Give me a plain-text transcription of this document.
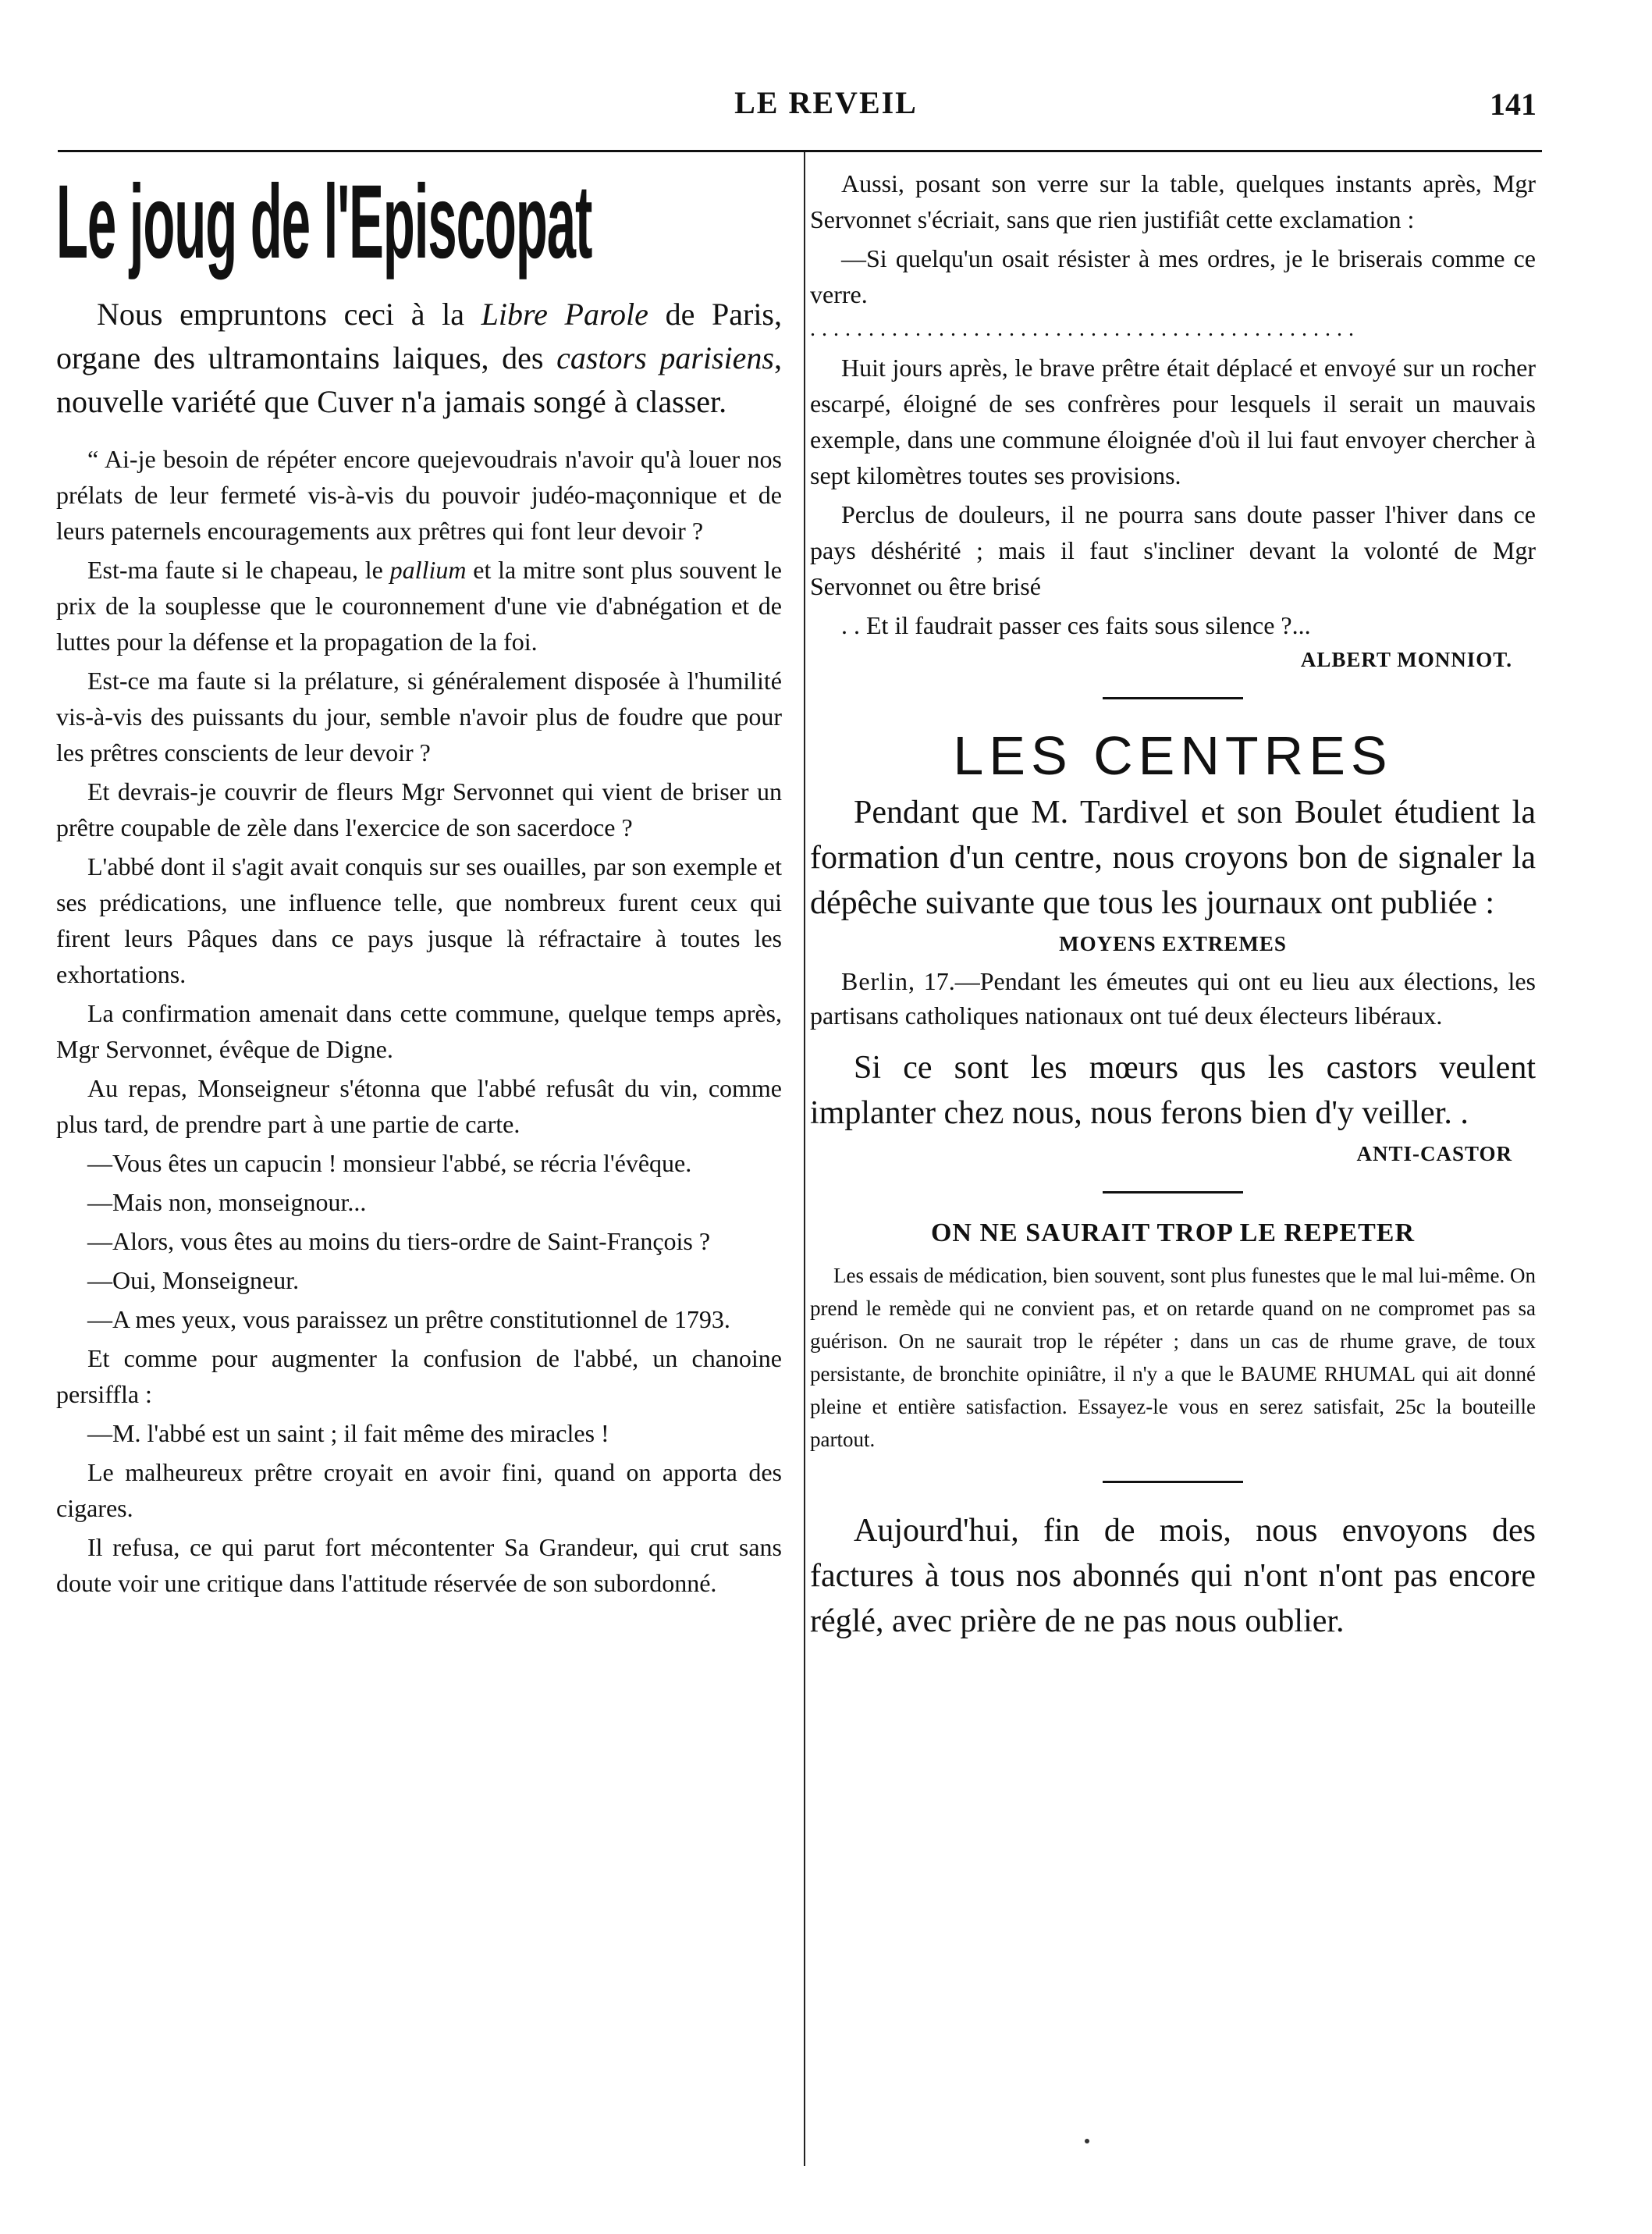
LE REVEIL	141
Le joug de l'Episcopat

Nous empruntons ceci à la Libre Parole de Paris, organe des ultramontains laiques, des castors parisiens, nouvelle variété que Cuver n'a jamais songé à classer.

“ Ai-je besoin de répéter encore quejevoudrais n'avoir qu'à louer nos prélats de leur fermeté vis-à-vis du pouvoir judéo-maçonnique et de leurs paternels encouragements aux prêtres qui font leur devoir ?

Est-ma faute si le chapeau, le pallium et la mitre sont plus souvent le prix de la souplesse que le couronnement d'une vie d'abnégation et de luttes pour la défense et la propagation de la foi.

Est-ce ma faute si la prélature, si généralement disposée à l'humilité vis-à-vis des puissants du jour, semble n'avoir plus de foudre que pour les prêtres conscients de leur devoir ?

Et devrais-je couvrir de fleurs Mgr Servonnet qui vient de briser un prêtre coupable de zèle dans l'exercice de son sacerdoce ?

L'abbé dont il s'agit avait conquis sur ses ouailles, par son exemple et ses prédications, une influence telle, que nombreux furent ceux qui firent leurs Pâques dans ce pays jusque là réfractaire à toutes les exhortations.

La confirmation amenait dans cette commune, quelque temps après, Mgr Servonnet, évêque de Digne.

Au repas, Monseigneur s'étonna que l'abbé refusât du vin, comme plus tard, de prendre part à une partie de carte.

—Vous êtes un capucin ! monsieur l'abbé, se récria l'évêque.

—Mais non, monseignour...

—Alors, vous êtes au moins du tiers-ordre de Saint-François ?

—Oui, Monseigneur.

—A mes yeux, vous paraissez un prêtre constitutionnel de 1793.

Et comme pour augmenter la confusion de l'abbé, un chanoine persiffla :

—M. l'abbé est un saint ; il fait même des miracles !

Le malheureux prêtre croyait en avoir fini, quand on apporta des cigares.

Il refusa, ce qui parut fort mécontenter Sa Grandeur, qui crut sans doute voir une critique dans l'attitude réservée de son subordonné.

Aussi, posant son verre sur la table, quelques instants après, Mgr Servonnet s'écriait, sans que rien justifiât cette exclamation :

—Si quelqu'un osait résister à mes ordres, je le briserais comme ce verre.

...............................................

Huit jours après, le brave prêtre était déplacé et envoyé sur un rocher escarpé, éloigné de ses confrères pour lesquels il serait un mauvais exemple, dans une commune éloignée d'où il lui faut envoyer chercher à sept kilomètres toutes ses provisions.

Perclus de douleurs, il ne pourra sans doute passer l'hiver dans ce pays déshérité ; mais il faut s'incliner devant la volonté de Mgr Servonnet ou être brisé

. . Et il faudrait passer ces faits sous silence ?...

ALBERT MONNIOT.
LES CENTRES

Pendant que M. Tardivel et son Boulet étudient la formation d'un centre, nous croyons bon de signaler la dépêche suivante que tous les journaux ont publiée :

MOYENS EXTREMES

Berlin, 17.—Pendant les émeutes qui ont eu lieu aux élections, les partisans catholiques nationaux ont tué deux électeurs libéraux.

Si ce sont les mœurs qus les castors veulent implanter chez nous, nous ferons bien d'y veiller. .

ANTI-CASTOR
ON NE SAURAIT TROP LE REPETER

Les essais de médication, bien souvent, sont plus funestes que le mal lui-même. On prend le remède qui ne convient pas, et on retarde quand on ne compromet pas sa guérison. On ne saurait trop le répéter ; dans un cas de rhume grave, de toux persistante, de bronchite opiniâtre, il n'y a que le BAUME RHUMAL qui ait donné pleine et entière satisfaction. Essayez-le vous en serez satisfait, 25c la bouteille partout.

Aujourd'hui, fin de mois, nous envoyons des factures à tous nos abonnés qui n'ont n'ont pas encore réglé, avec prière de ne pas nous oublier.
